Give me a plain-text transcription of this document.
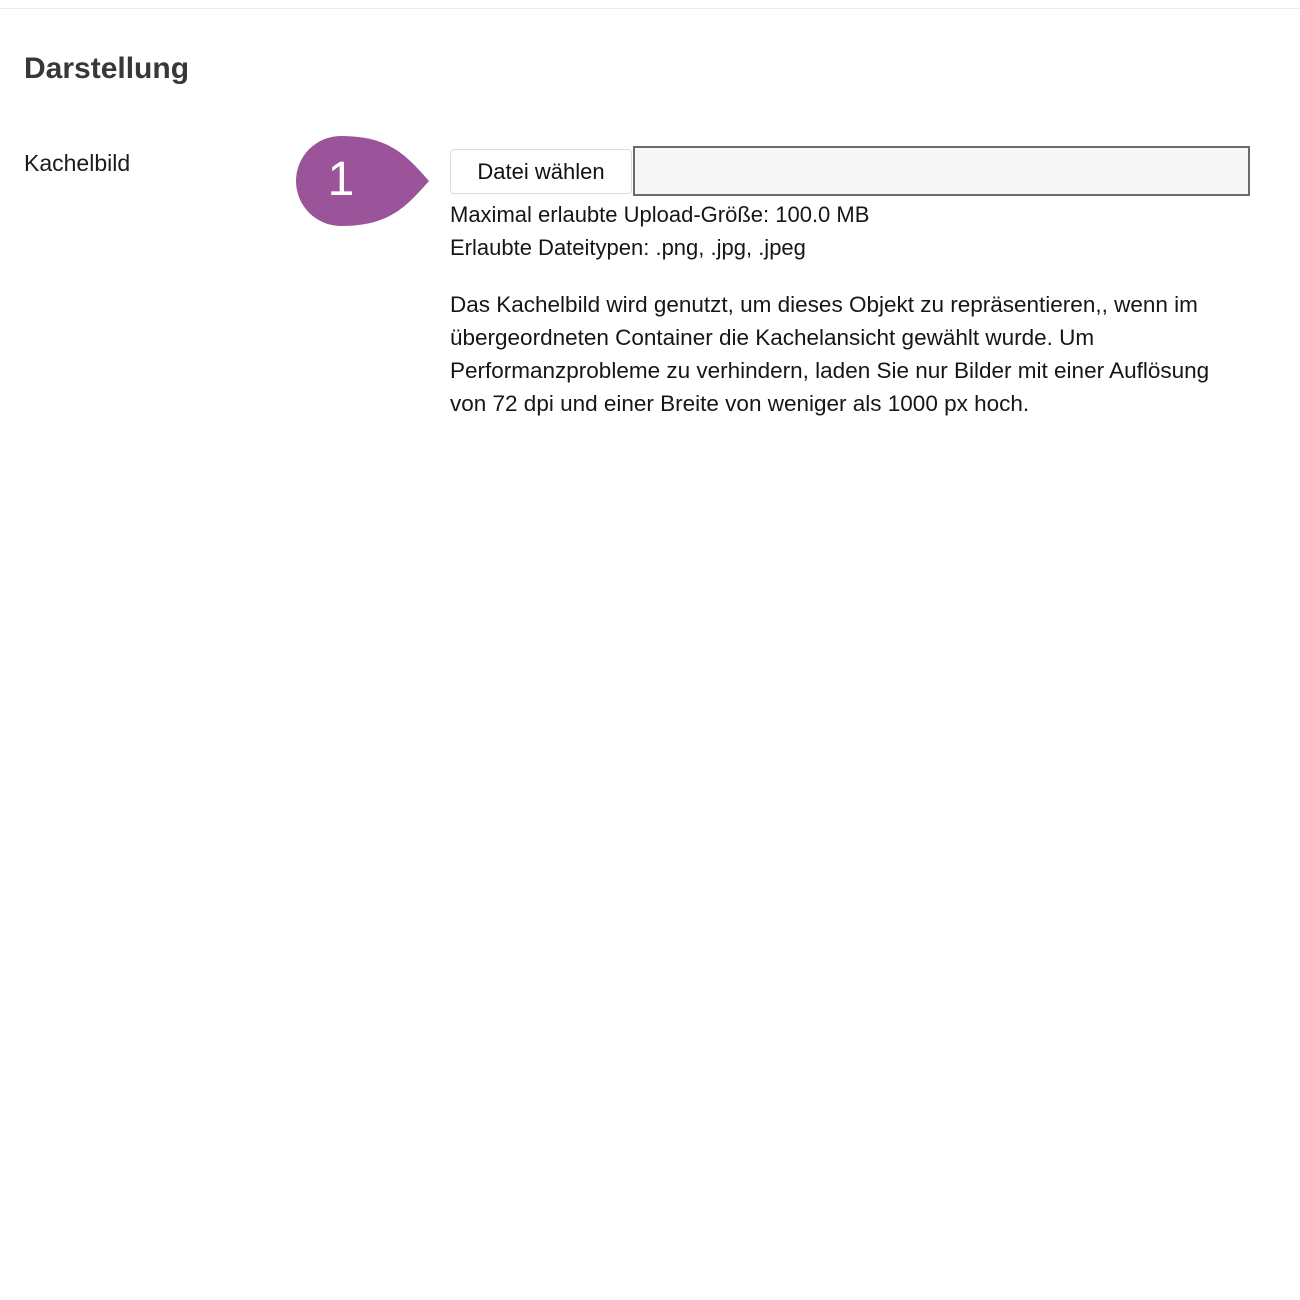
Darstellung
Kachelbild	1	Datei wählen
Maximal erlaubte Upload-Größe: 100.0 MB
Erlaubte Dateitypen: .png, .jpg, .jpeg

Das Kachelbild wird genutzt, um dieses Objekt zu repräsentieren,, wenn im übergeordneten Container die Kachelansicht gewählt wurde. Um Performanzprobleme zu verhindern, laden Sie nur Bilder mit einer Auflösung von 72 dpi und einer Breite von weniger als 1000 px hoch.
